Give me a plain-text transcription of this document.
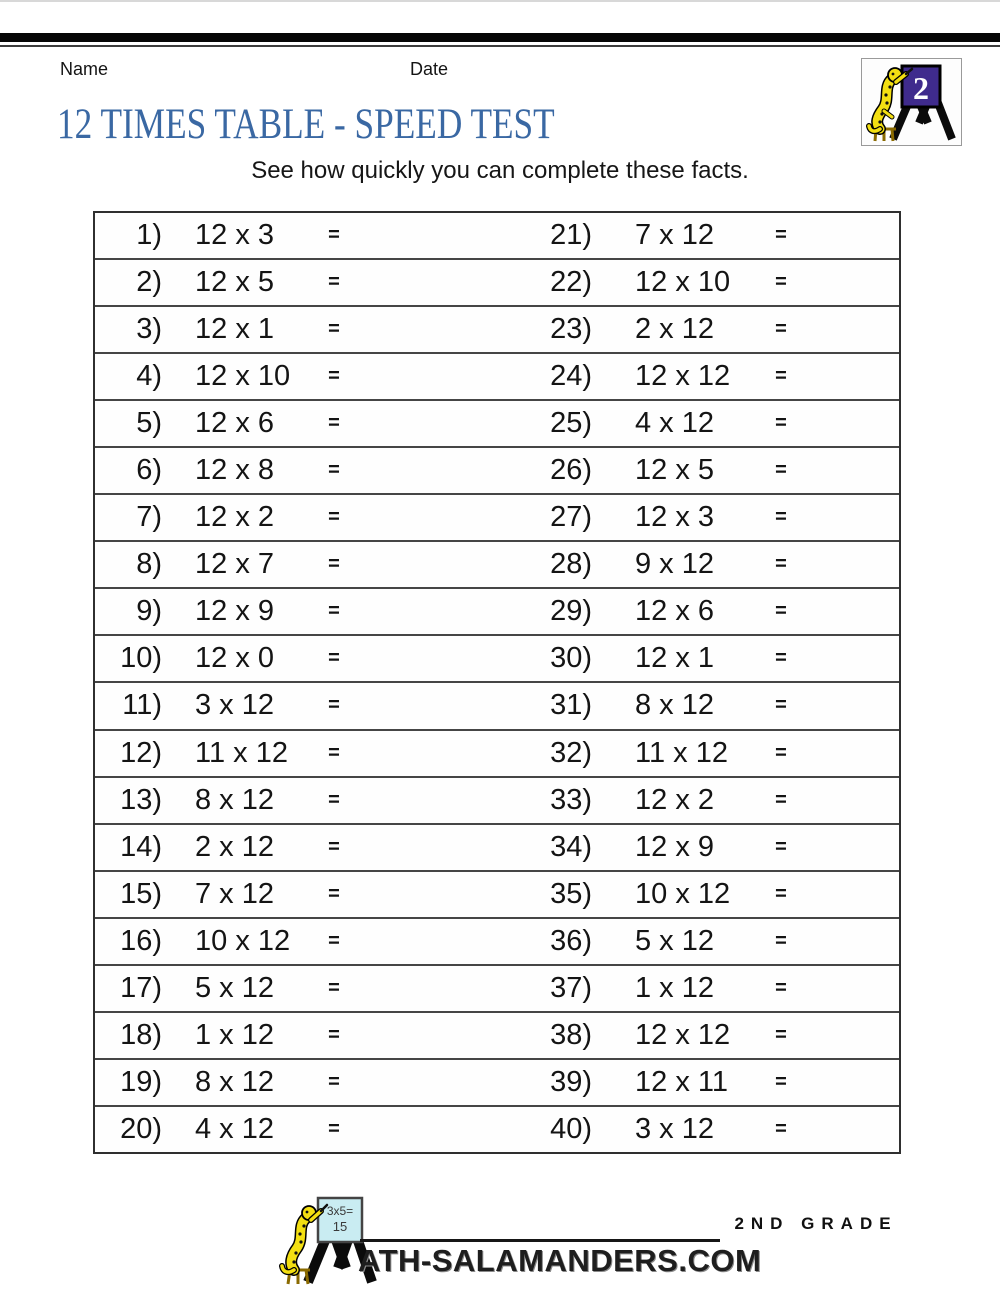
Name	Date
2
12 TIMES TABLE - SPEED TEST
See how quickly you can complete these facts.
1) 12 x 3	=	21) 7 x 12	=
2) 12 x 5	=	22) 12 x 10	=
3) 12 x 1	=	23) 2 x 12	=
4) 12 x 10	=	24) 12 x 12	=
5) 12 x 6	=	25) 4 x 12	=
6) 12 x 8	=	26) 12 x 5	=
7) 12 x 2	=	27) 12 x 3	=
8) 12 x 7	=	28) 9 x 12	=
9) 12 x 9	=	29) 12 x 6	=
10) 12 x 0	=	30) 12 x 1	=
11) 3 x 12	=	31) 8 x 12	=
12) 11 x 12	=	32) 11 x 12	=
13) 8 x 12	=	33) 12 x 2	=
14) 2 x 12	=	34) 12 x 9	=
15) 7 x 12	=	35) 10 x 12	=
16) 10 x 12	=	36) 5 x 12	=
17) 5 x 12	=	37) 1 x 12	=
18) 1 x 12	=	38) 12 x 12	=
19) 8 x 12	=	39) 12 x 11	=
20) 4 x 12	=	40) 3 x 12	=
3x5=
15	2ND GRADE
ATH-SALAMANDERS.COM
